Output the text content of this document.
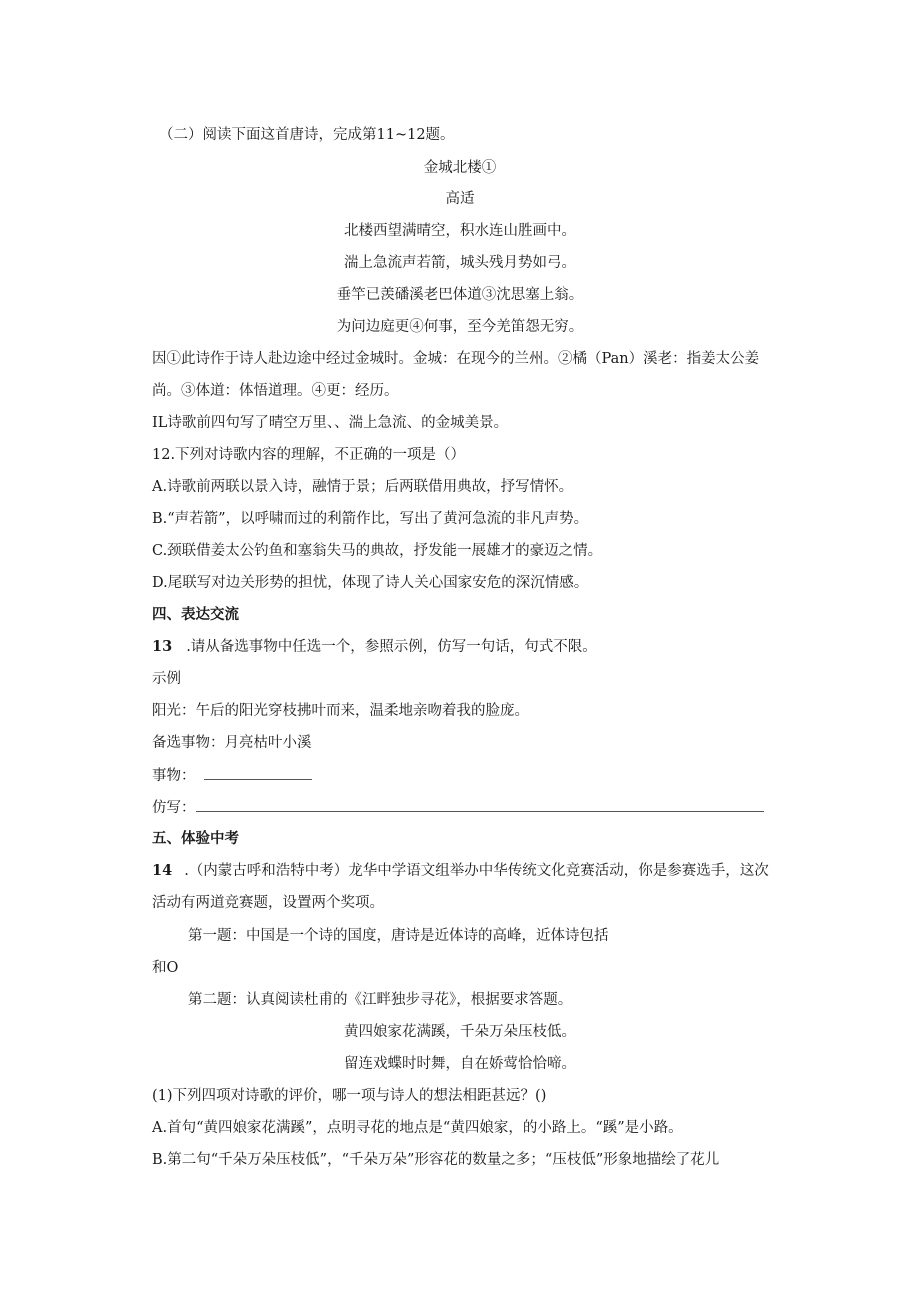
（二）阅读下面这首唐诗，完成第11~12题。
金城北楼①
高适
北楼西望满晴空，积水连山胜画中。
湍上急流声若箭，城头残月势如弓。
垂竿已羡磻溪老巴体道③沈思塞上翁。
为问边庭更④何事，至今羌笛怨无穷。
因①此诗作于诗人赴边途中经过金城时。金城：在现今的兰州。②橘（Pan）溪老：指姜太公姜
尚。③体道：体悟道理。④更：经历。
IL诗歌前四句写了晴空万里、、湍上急流、的金城美景。
12.下列对诗歌内容的理解，不正确的一项是（）
A.诗歌前两联以景入诗，融情于景；后两联借用典故，抒写情怀。
B.“声若箭”，以呼啸而过的利箭作比，写出了黄河急流的非凡声势。
C.颈联借姜太公钓鱼和塞翁失马的典故，抒发能一展雄才的豪迈之情。
D.尾联写对边关形势的担忧，体现了诗人关心国家安危的深沉情感。
四、表达交流
13 .请从备选事物中任选一个，参照示例，仿写一句话，句式不限。
示例
阳光：午后的阳光穿枝拂叶而来，温柔地亲吻着我的脸庞。
备选事物：月亮枯叶小溪
事物：
仿写：
五、体验中考
14 .（内蒙古呼和浩特中考）龙华中学语文组举办中华传统文化竞赛活动，你是参赛选手，这次
活动有两道竞赛题，设置两个奖项。
第一题：中国是一个诗的国度，唐诗是近体诗的高峰，近体诗包括
和O
第二题：认真阅读杜甫的《江畔独步寻花》，根据要求答题。
黄四娘家花满蹊，千朵万朵压枝低。
留连戏蝶时时舞，自在娇莺恰恰啼。
(1)下列四项对诗歌的评价，哪一项与诗人的想法相距甚远？()
A.首句“黄四娘家花满蹊”，点明寻花的地点是“黄四娘家，的小路上。“蹊”是小路。
B.第二句“千朵万朵压枝低”，“千朵万朵”形容花的数量之多；“压枝低”形象地描绘了花儿
